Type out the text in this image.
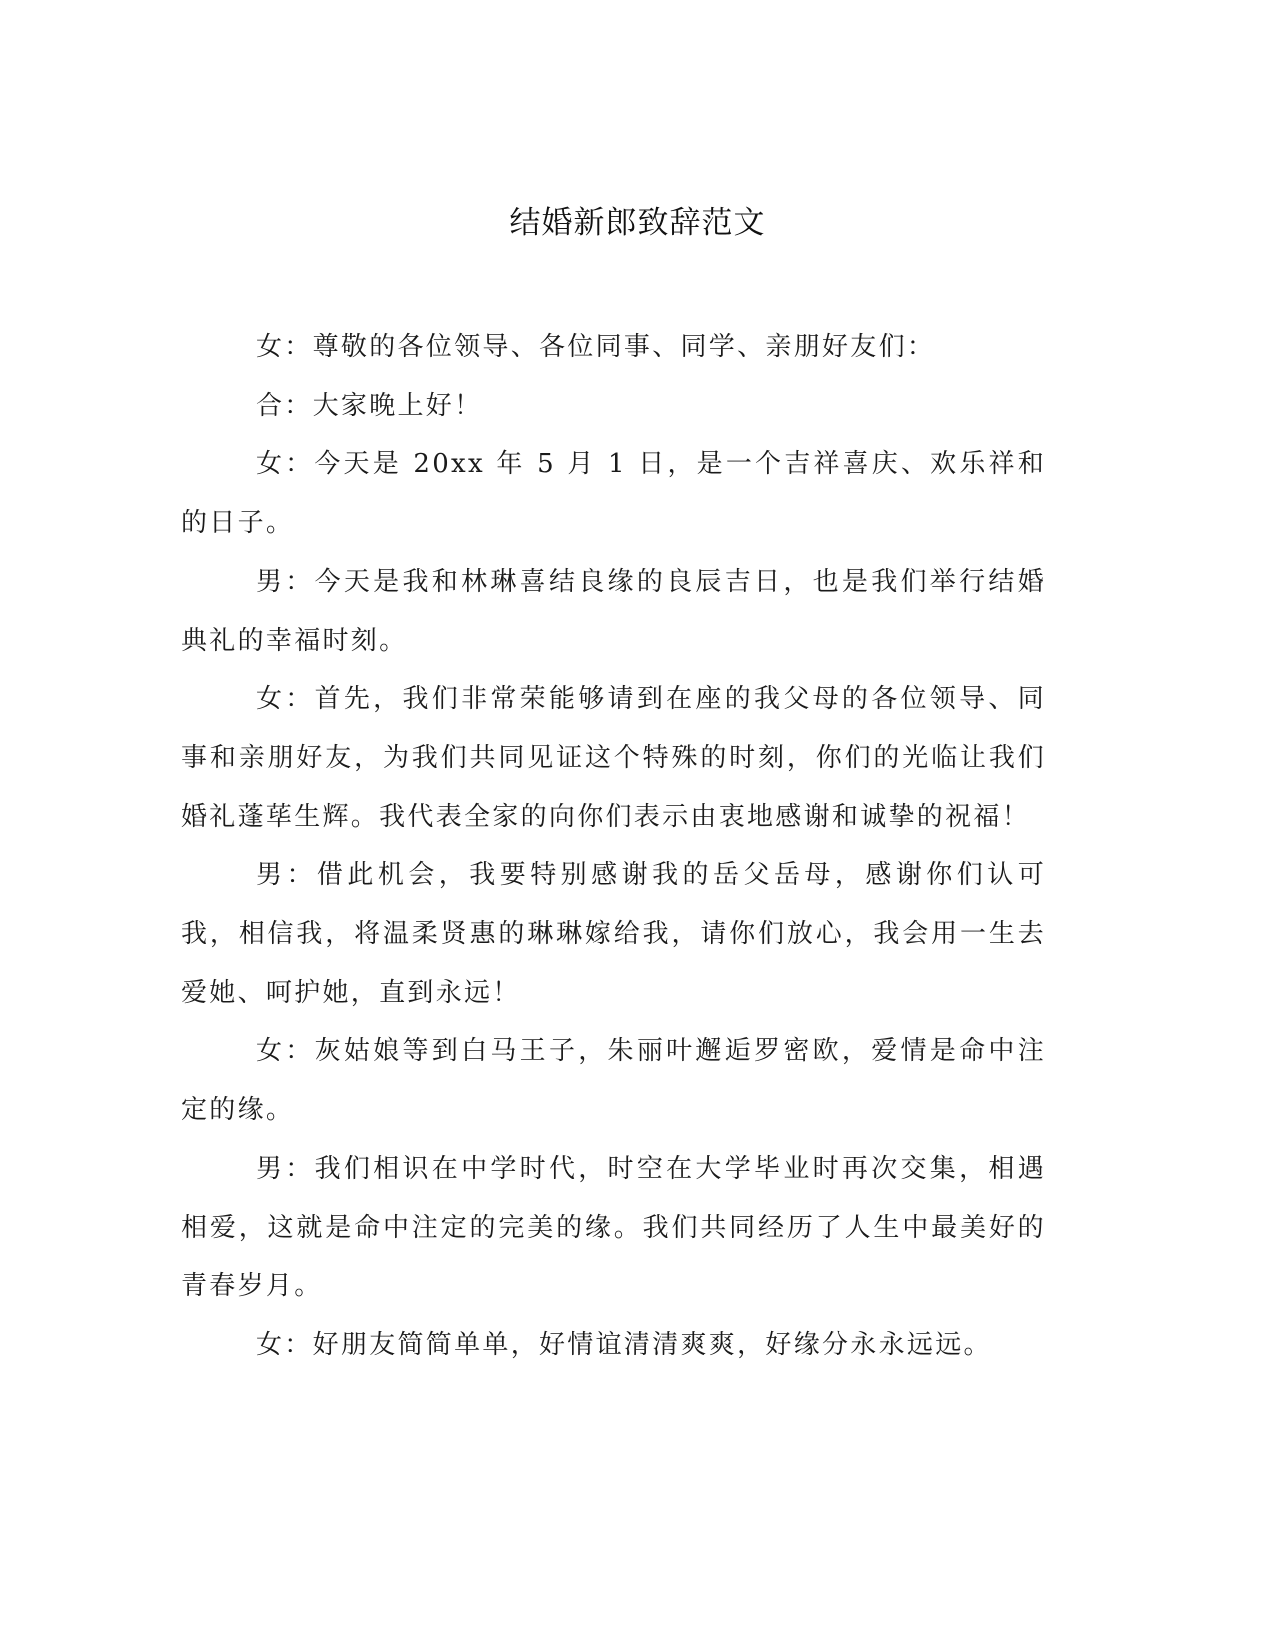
结婚新郎致辞范文

女：尊敬的各位领导、各位同事、同学、亲朋好友们：

合：大家晚上好！

女：今天是 20xx 年 5 月 1 日，是一个吉祥喜庆、欢乐祥和的日子。

男：今天是我和林琳喜结良缘的良辰吉日，也是我们举行结婚典礼的幸福时刻。

女：首先，我们非常荣能够请到在座的我父母的各位领导、同事和亲朋好友，为我们共同见证这个特殊的时刻，你们的光临让我们婚礼蓬荜生辉。我代表全家的向你们表示由衷地感谢和诚挚的祝福！

男：借此机会，我要特别感谢我的岳父岳母，感谢你们认可我，相信我，将温柔贤惠的琳琳嫁给我，请你们放心，我会用一生去爱她、呵护她，直到永远！

女：灰姑娘等到白马王子，朱丽叶邂逅罗密欧，爱情是命中注定的缘。

男：我们相识在中学时代，时空在大学毕业时再次交集，相遇相爱，这就是命中注定的完美的缘。我们共同经历了人生中最美好的青春岁月。

女：好朋友简简单单，好情谊清清爽爽，好缘分永永远远。
